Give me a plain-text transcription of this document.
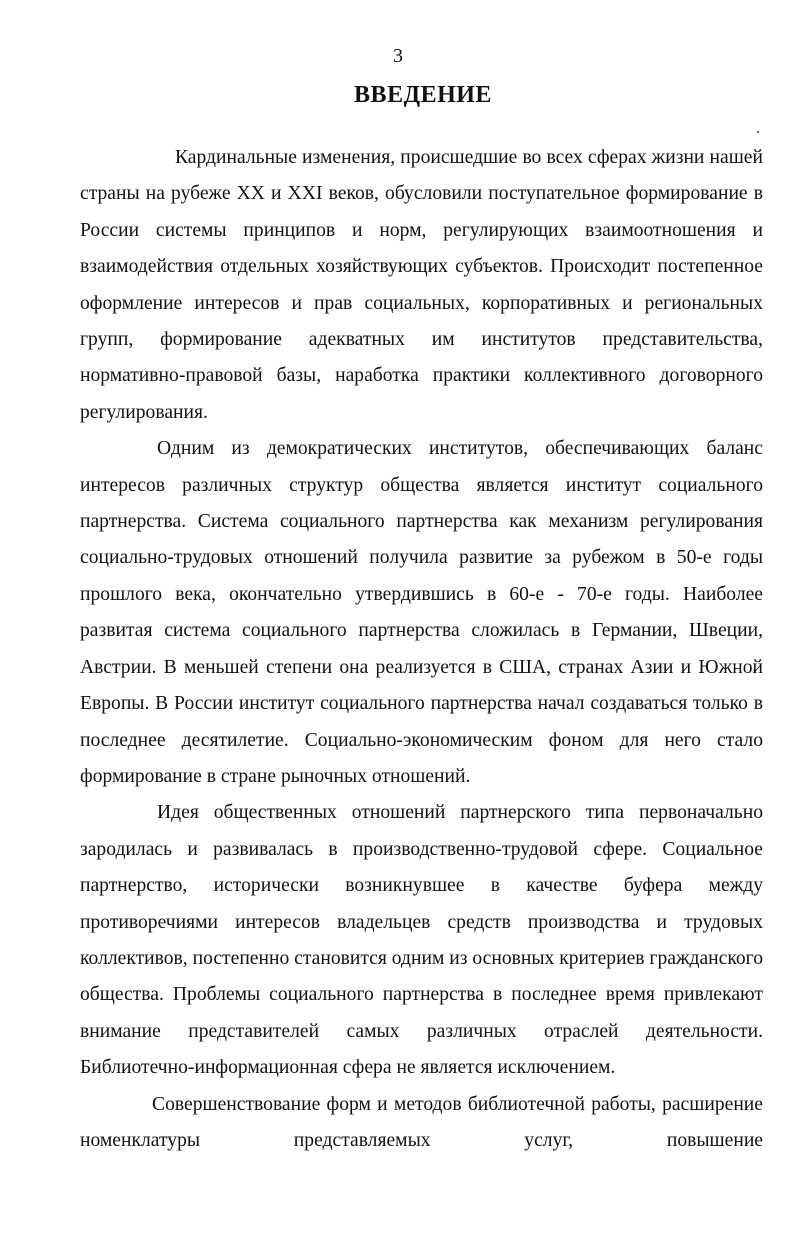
3
ВВЕДЕНИЕ

Кардинальные изменения, происшедшие во всех сферах жизни нашей страны на рубеже XX и XXI веков, обусловили поступательное формирование в России системы принципов и норм, регулирующих взаимоотношения и взаимодействия отдельных хозяйствующих субъектов. Происходит постепенное оформление интересов и прав социальных, корпоративных и региональных групп, формирование адекватных им институтов представительства, нормативно-правовой базы, наработка практики коллективного договорного регулирования.

Одним из демократических институтов, обеспечивающих баланс интересов различных структур общества является институт социального партнерства. Система социального партнерства как механизм регулирования социально-трудовых отношений получила развитие за рубежом в 50-е годы прошлого века, окончательно утвердившись в 60-е - 70-е годы. Наиболее развитая система социального партнерства сложилась в Германии, Швеции, Австрии. В меньшей степени она реализуется в США, странах Азии и Южной Европы. В России институт социального партнерства начал создаваться только в последнее десятилетие. Социально-экономическим фоном для него стало формирование в стране рыночных отношений.

Идея общественных отношений партнерского типа первоначально зародилась и развивалась в производственно-трудовой сфере. Социальное партнерство, исторически возникнувшее в качестве буфера между противоречиями интересов владельцев средств производства и трудовых коллективов, постепенно становится одним из основных критериев гражданского общества. Проблемы социального партнерства в последнее время привлекают внимание представителей самых различных отраслей деятельности. Библиотечно-информационная сфера не является исключением.

Совершенствование форм и методов библиотечной работы, расширение номенклатуры представляемых услуг, повышение
